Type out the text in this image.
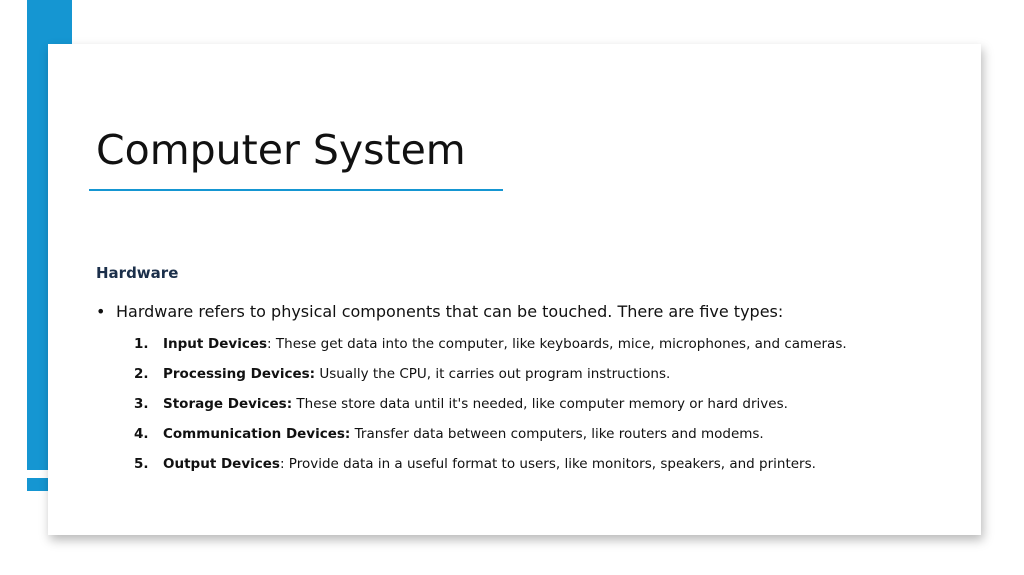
Computer System
Hardware
• Hardware refers to physical components that can be touched. There are five types:
1. Input Devices: These get data into the computer, like keyboards, mice, microphones, and cameras.
2. Processing Devices: Usually the CPU, it carries out program instructions.
3. Storage Devices: These store data until it's needed, like computer memory or hard drives.
4. Communication Devices: Transfer data between computers, like routers and modems.
5. Output Devices: Provide data in a useful format to users, like monitors, speakers, and printers.
